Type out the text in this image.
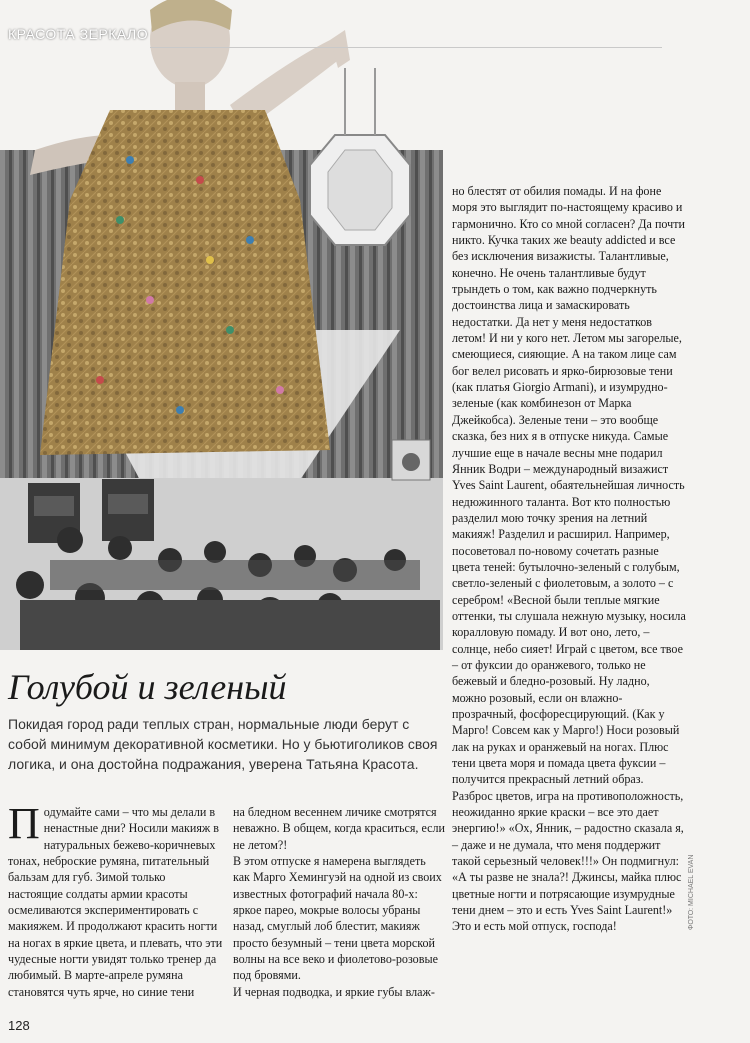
КРАСОТА ЗЕРКАЛО

но блестят от обилия помады. И на фоне моря это выглядит по-настоящему красиво и гармонично. Кто со мной согласен? Да почти никто. Кучка таких же beauty addicted и все без исключения визажисты. Талантливые, конечно. Не очень талантливые будут трындеть о том, как важно подчеркнуть достоинства лица и замаскировать недостатки. Да нет у меня недостатков летом! И ни у кого нет. Летом мы загорелые, смеющиеся, сияющие. А на таком лице сам бог велел рисовать и ярко-бирюзовые тени (как платья Giorgio Armani), и изумрудно-зеленые (как комбинезон от Марка Джейкобса). Зеленые тени – это вообще сказка, без них я в отпуске никуда. Самые лучшие еще в начале весны мне подарил Янник Водри – международный визажист Yves Saint Laurent, обаятельнейшая личность недюжинного таланта. Вот кто полностью разделил мою точку зрения на летний макияж! Разделил и расширил. Например, посоветовал по-новому сочетать разные цвета теней: бутылочно-зеленый с голубым, светло-зеленый с фиолетовым, а золото – с серебром! «Весной были теплые мягкие оттенки, ты слушала нежную музыку, носила коралловую помаду. И вот оно, лето, – солнце, небо сияет! Играй с цветом, все твое – от фуксии до оранжевого, только не бежевый и бледно-розовый. Ну ладно, можно розовый, если он влажно-прозрачный, фосфоресцирующий. (Как у Марго! Совсем как у Марго!) Носи розовый лак на руках и оранжевый на ногах. Плюс тени цвета моря и помада цвета фуксии – получится прекрасный летний образ. Разброс цветов, игра на противоположность, неожиданно яркие краски – все это дает энергию!» «Ох, Янник, – радостно сказала я, – даже и не думала, что меня поддержит такой серьезный человек!!!» Он подмигнул: «А ты разве не знала?! Джинсы, майка плюс цветные ногти и потрясающие изумрудные тени днем – это и есть Yves Saint Laurent!»

Это и есть мой отпуск, господа!

Голубой и зеленый
Покидая город ради теплых стран, нормальные люди берут с собой минимум декоративной косметики. Но у бьютиголиков своя логика, и она достойна подражания, уверена Татьяна Красота.
П одумайте сами – что мы делали в ненастные дни? Носили макияж в натуральных бежево-коричневых тонах, неброские румяна, питательный бальзам для губ. Зимой только настоящие солдаты армии красоты осмеливаются экспериментировать с макияжем. И продолжают красить ногти на ногах в яркие цвета, и плевать, что эти чудесные ногти увидят только тренер да любимый. В марте-апреле румяна становятся чуть ярче, но синие тени

на бледном весеннем личике смотрятся неважно. В общем, когда краситься, если не летом?!

В этом отпуске я намерена выглядеть как Марго Хемингуэй на одной из своих известных фотографий начала 80-х: яркое парео, мокрые волосы убраны назад, смуглый лоб блестит, макияж просто безумный – тени цвета морской волны на все веко и фиолетово-розовые под бровями.

И черная подводка, и яркие губы влаж-

128
ФОТО: MICHAEL EVAN
